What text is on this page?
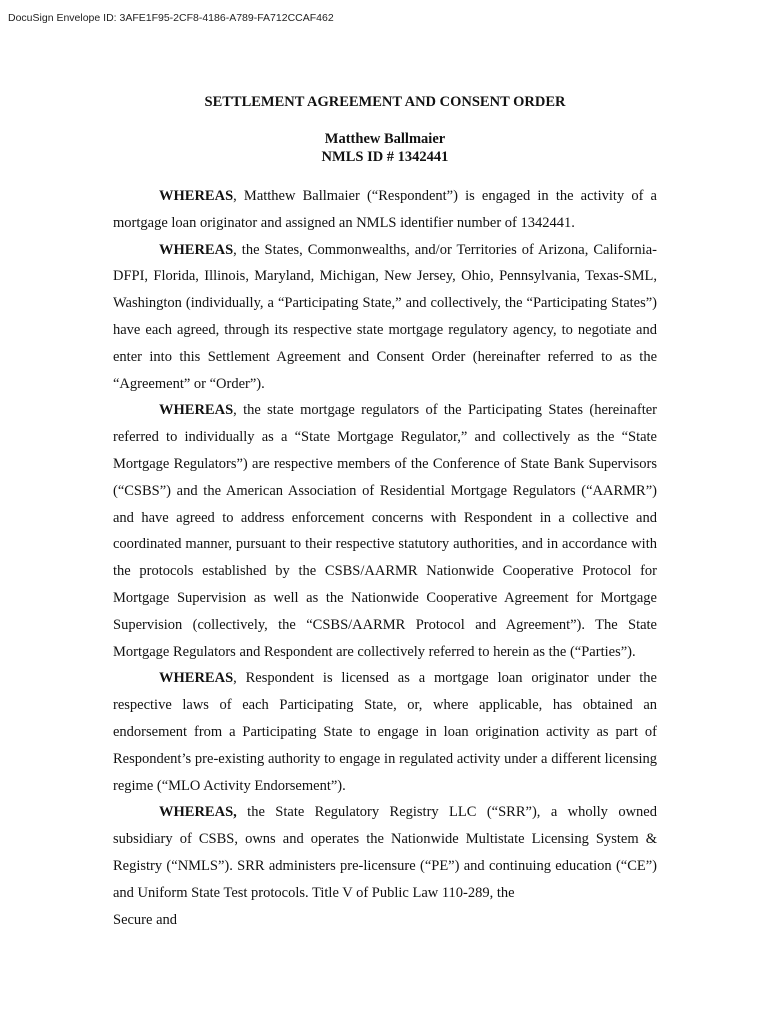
DocuSign Envelope ID: 3AFE1F95-2CF8-4186-A789-FA712CCAF462
SETTLEMENT AGREEMENT AND CONSENT ORDER
Matthew Ballmaier
NMLS ID # 1342441

WHEREAS, Matthew Ballmaier (“Respondent”) is engaged in the activity of a mortgage loan originator and assigned an NMLS identifier number of 1342441.

WHEREAS, the States, Commonwealths, and/or Territories of Arizona, California-DFPI, Florida, Illinois, Maryland, Michigan, New Jersey, Ohio, Pennsylvania, Texas-SML, Washington (individually, a “Participating State,” and collectively, the “Participating States”) have each agreed, through its respective state mortgage regulatory agency, to negotiate and enter into this Settlement Agreement and Consent Order (hereinafter referred to as the “Agreement” or “Order”).

WHEREAS, the state mortgage regulators of the Participating States (hereinafter referred to individually as a “State Mortgage Regulator,” and collectively as the “State Mortgage Regulators”) are respective members of the Conference of State Bank Supervisors (“CSBS”) and the American Association of Residential Mortgage Regulators (“AARMR”) and have agreed to address enforcement concerns with Respondent in a collective and coordinated manner, pursuant to their respective statutory authorities, and in accordance with the protocols established by the CSBS/AARMR Nationwide Cooperative Protocol for Mortgage Supervision as well as the Nationwide Cooperative Agreement for Mortgage Supervision (collectively, the “CSBS/AARMR Protocol and Agreement”). The State Mortgage Regulators and Respondent are collectively referred to herein as the (“Parties”).

WHEREAS, Respondent is licensed as a mortgage loan originator under the respective laws of each Participating State, or, where applicable, has obtained an endorsement from a Participating State to engage in loan origination activity as part of Respondent’s pre-existing authority to engage in regulated activity under a different licensing regime (“MLO Activity Endorsement”).

WHEREAS, the State Regulatory Registry LLC (“SRR”), a wholly owned subsidiary of CSBS, owns and operates the Nationwide Multistate Licensing System & Registry (“NMLS”). SRR administers pre-licensure (“PE”) and continuing education (“CE”) and Uniform State Test protocols. Title V of Public Law 110-289, the

Secure and
